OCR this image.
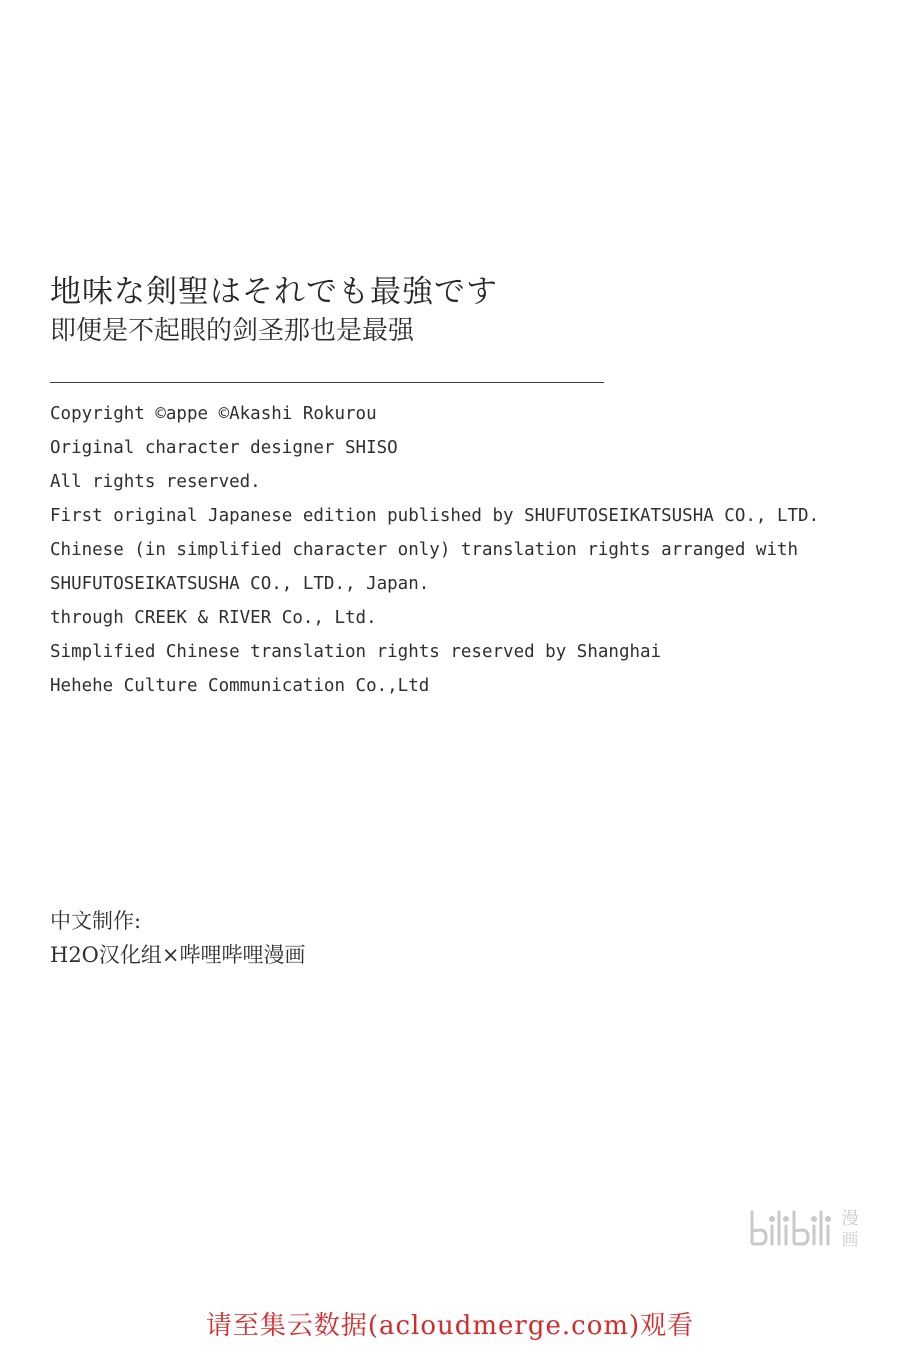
地味な剣聖はそれでも最強です
即便是不起眼的剑圣那也是最强
Copyright ©appe ©Akashi Rokurou
Original character designer SHISO
All rights reserved.
First original Japanese edition published by SHUFUTOSEIKATSUSHA CO., LTD.
Chinese (in simplified character only) translation rights arranged with
SHUFUTOSEIKATSUSHA CO., LTD., Japan.
through CREEK & RIVER Co., Ltd.
Simplified Chinese translation rights reserved by Shanghai
Hehehe Culture Communication Co.,Ltd
中文制作:
H2O汉化组×哔哩哔哩漫画
漫
画
请至集云数据(acloudmerge.com)观看
